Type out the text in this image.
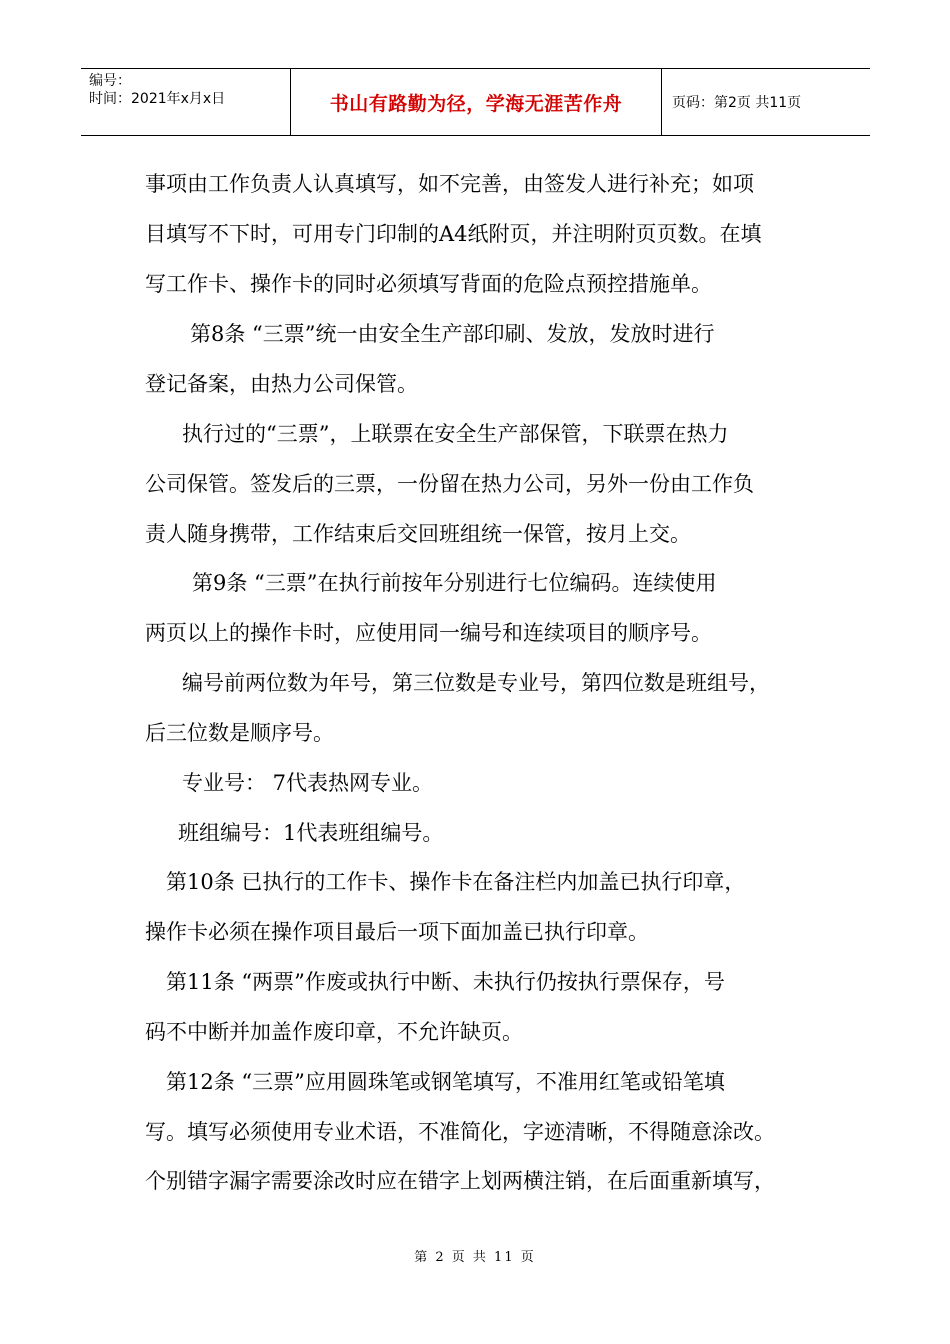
编号：
时间：2021年x月x日	书山有路勤为径，学海无涯苦作舟	页码：第2页 共11页
事项由工作负责人认真填写，如不完善，由签发人进行补充；如项
目填写不下时，可用专门印制的A4纸附页，并注明附页页数。在填
写工作卡、操作卡的同时必须填写背面的危险点预控措施单。
第8条 “三票”统一由安全生产部印刷、发放，发放时进行
登记备案，由热力公司保管。
执行过的“三票”，上联票在安全生产部保管，下联票在热力
公司保管。签发后的三票，一份留在热力公司，另外一份由工作负
责人随身携带，工作结束后交回班组统一保管，按月上交。
第9条 “三票”在执行前按年分别进行七位编码。连续使用
两页以上的操作卡时，应使用同一编号和连续项目的顺序号。
编号前两位数为年号，第三位数是专业号，第四位数是班组号，
后三位数是顺序号。
专业号： 7代表热网专业。
班组编号：1代表班组编号。
第10条 已执行的工作卡、操作卡在备注栏内加盖已执行印章，
操作卡必须在操作项目最后一项下面加盖已执行印章。
第11条 “两票”作废或执行中断、未执行仍按执行票保存，号
码不中断并加盖作废印章，不允许缺页。
第12条 “三票”应用圆珠笔或钢笔填写，不准用红笔或铅笔填
写。填写必须使用专业术语，不准简化，字迹清晰，不得随意涂改。
个别错字漏字需要涂改时应在错字上划两横注销，在后面重新填写，
第 2 页 共 11 页
